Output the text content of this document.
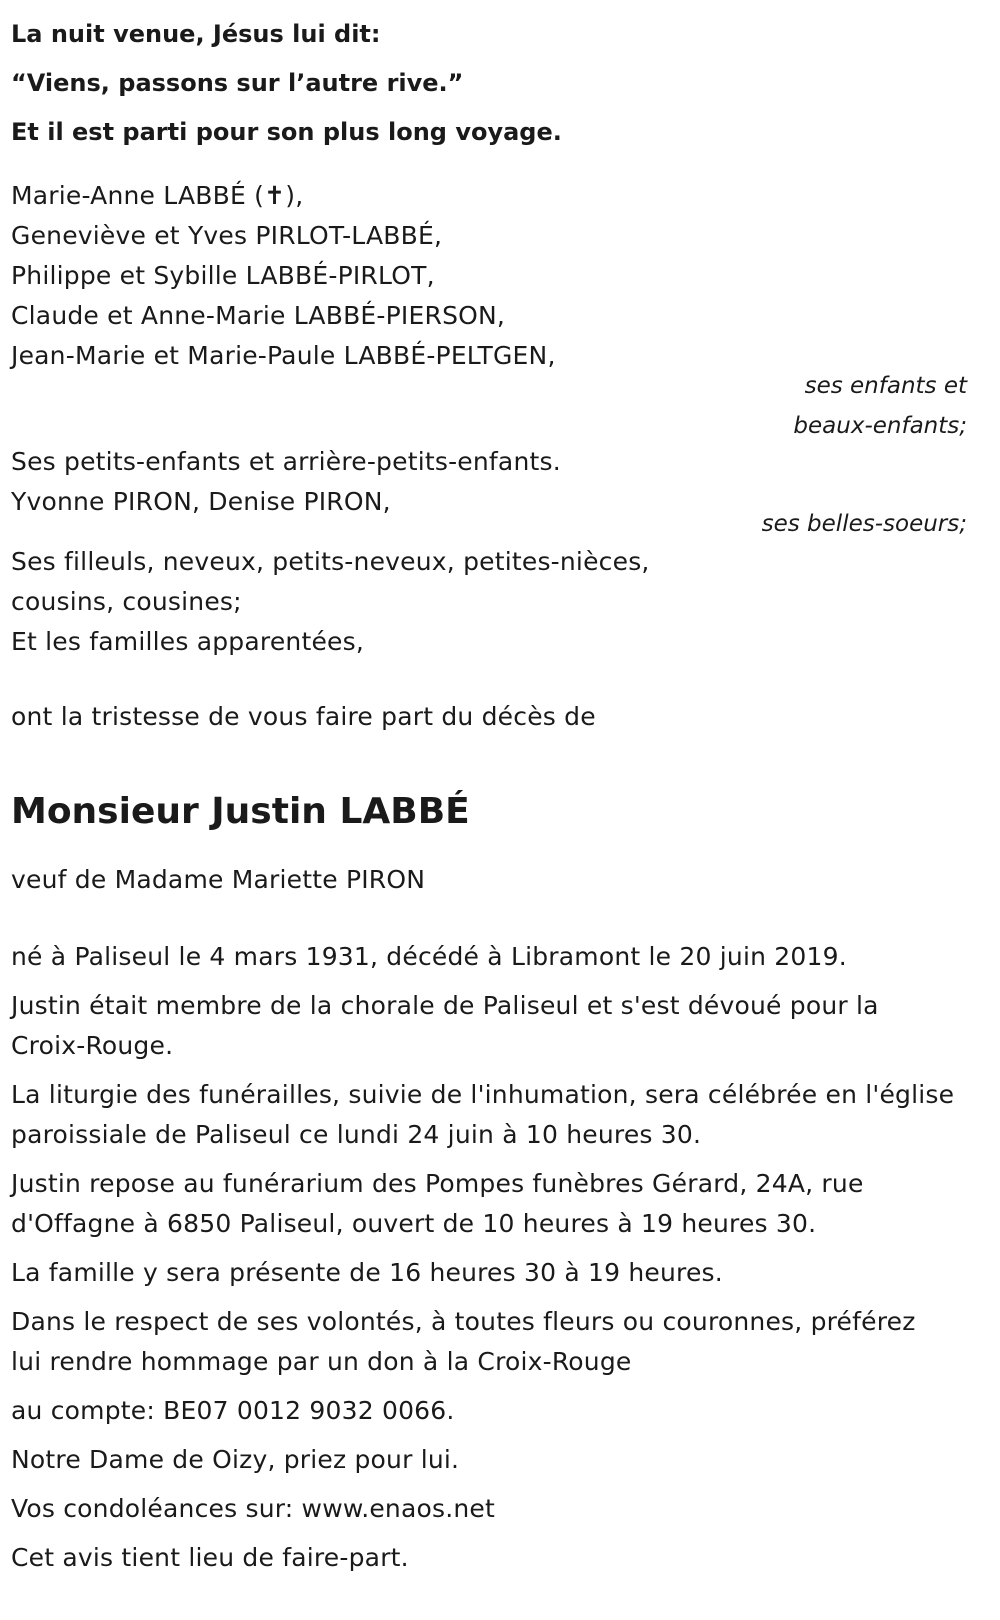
La nuit venue, Jésus lui dit:
“Viens, passons sur l’autre rive.”
Et il est parti pour son plus long voyage.
Marie-Anne LABBÉ (✝),
Geneviève et Yves PIRLOT-LABBÉ,
Philippe et Sybille LABBÉ-PIRLOT,
Claude et Anne-Marie LABBÉ-PIERSON,
Jean-Marie et Marie-Paule LABBÉ-PELTGEN,
ses enfants et
beaux-enfants;
Ses petits-enfants et arrière-petits-enfants.
Yvonne PIRON, Denise PIRON,
ses belles-soeurs;
Ses filleuls, neveux, petits-neveux, petites-nièces,
cousins, cousines;
Et les familles apparentées,
ont la tristesse de vous faire part du décès de
Monsieur Justin LABBÉ
veuf de Madame Mariette PIRON
né à Paliseul le 4 mars 1931, décédé à Libramont le 20 juin 2019.
Justin était membre de la chorale de Paliseul et s'est dévoué pour la
Croix-Rouge.
La liturgie des funérailles, suivie de l'inhumation, sera célébrée en l'église
paroissiale de Paliseul ce lundi 24 juin à 10 heures 30.
Justin repose au funérarium des Pompes funèbres Gérard, 24A, rue
d'Offagne à 6850 Paliseul, ouvert de 10 heures à 19 heures 30.
La famille y sera présente de 16 heures 30 à 19 heures.
Dans le respect de ses volontés, à toutes fleurs ou couronnes, préférez
lui rendre hommage par un don à la Croix-Rouge
au compte: BE07 0012 9032 0066.
Notre Dame de Oizy, priez pour lui.
Vos condoléances sur: www.enaos.net
Cet avis tient lieu de faire-part.
